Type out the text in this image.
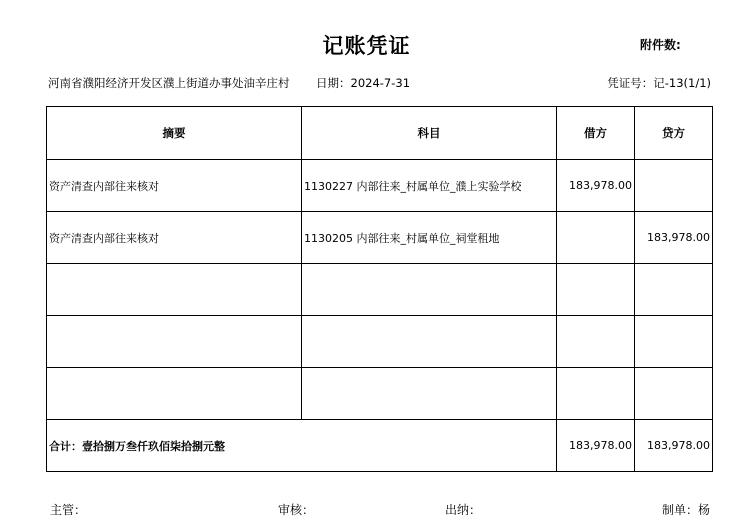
记账凭证	附件数:
河南省濮阳经济开发区濮上街道办事处油辛庄村 日期：2024-7-31	凭证号：记-13(1/1)
摘要	科目	借方	贷方
资产清查内部往来核对	1130227 内部往来_村属单位_濮上实验学校	183,978.00	
资产清查内部往来核对	1130205 内部往来_村属单位_祠堂租地		183,978.00

合计：壹拾捌万叁仟玖佰柒拾捌元整		183,978.00	183,978.00
主管：	审核：	出纳：	制单：杨
